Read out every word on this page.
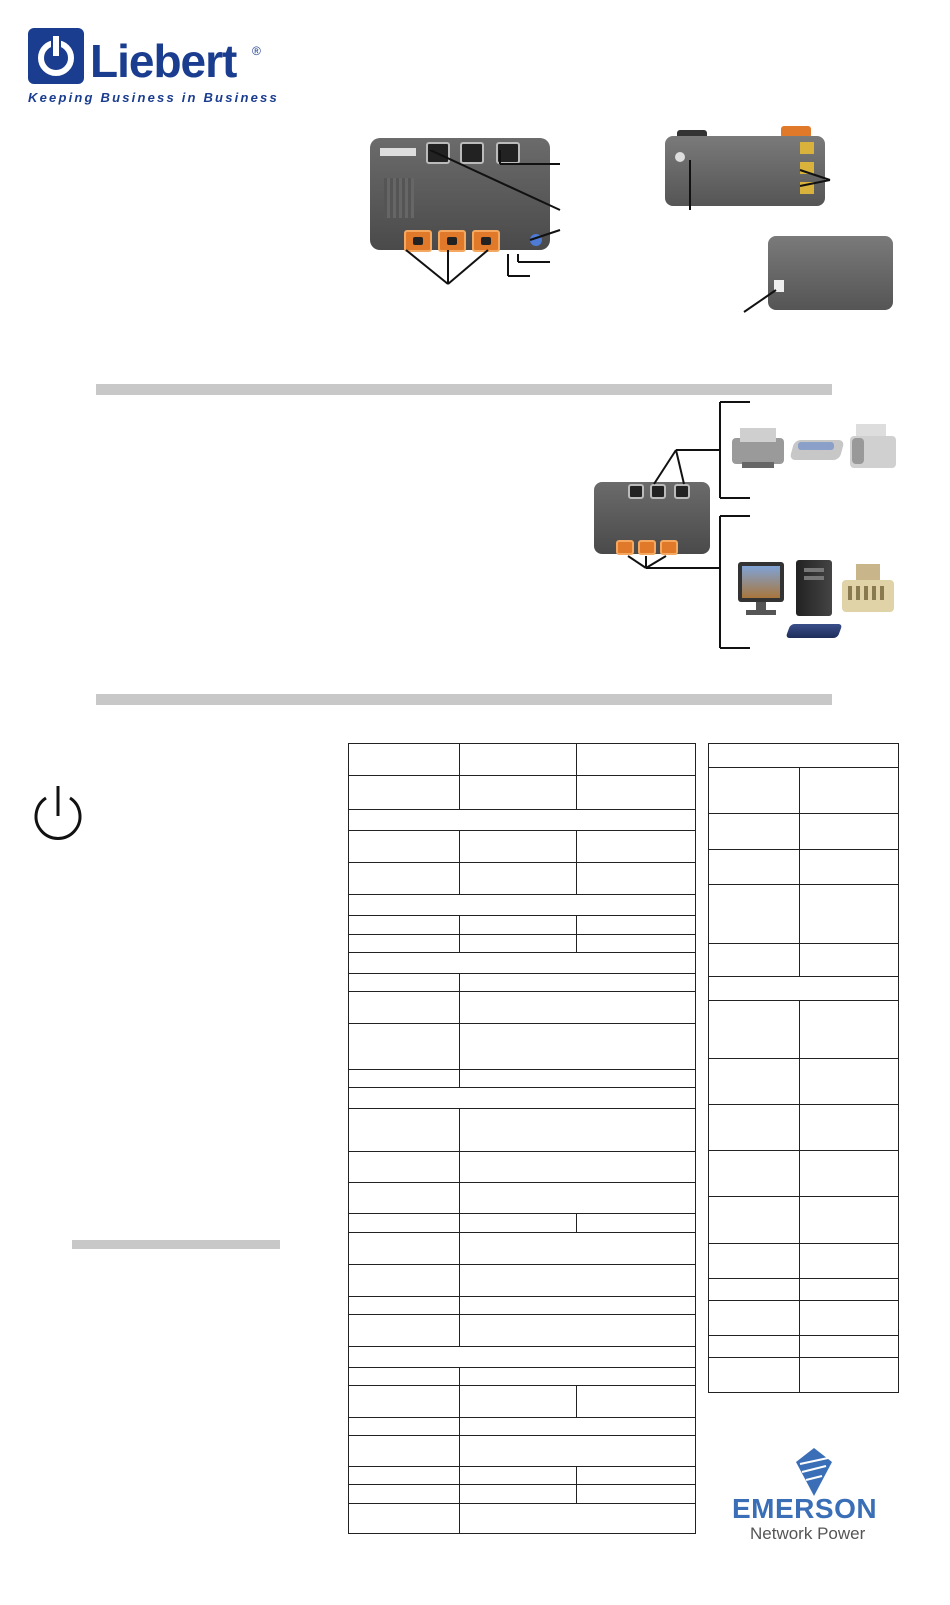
Liebert ®
Keeping Business in Business

EMERSON
Network Power
